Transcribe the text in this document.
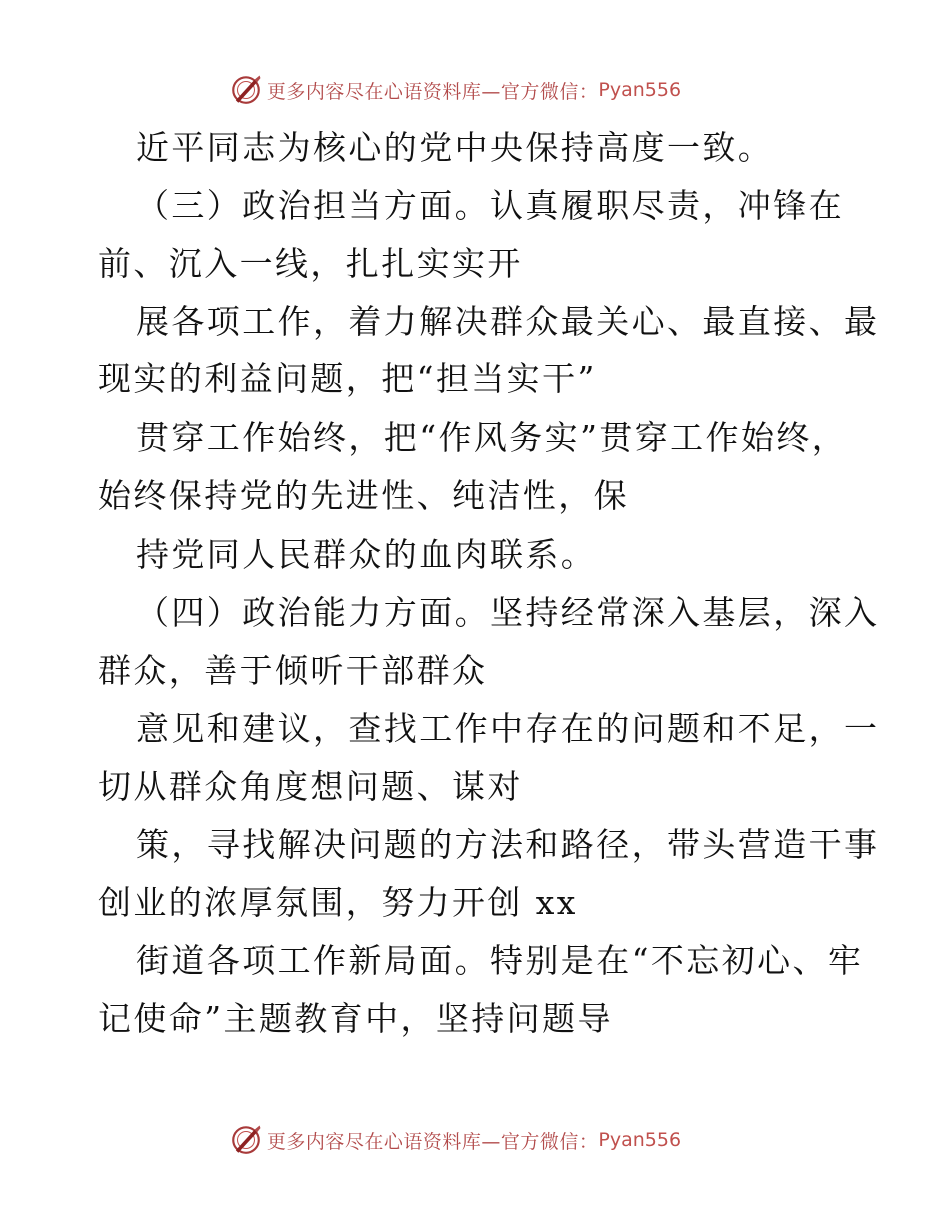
更多内容尽在心语资料库—官方微信： Pyan556
近平同志为核心的党中央保持高度一致。
（三）政治担当方面。认真履职尽责，冲锋在
前、沉入一线，扎扎实实开
展各项工作，着力解决群众最关心、最直接、最
现实的利益问题，把“担当实干”
贯穿工作始终，把“作风务实”贯穿工作始终，
始终保持党的先进性、纯洁性，保
持党同人民群众的血肉联系。
（四）政治能力方面。坚持经常深入基层，深入
群众，善于倾听干部群众
意见和建议，查找工作中存在的问题和不足，一
切从群众角度想问题、谋对
策，寻找解决问题的方法和路径，带头营造干事
创业的浓厚氛围，努力开创 xx
街道各项工作新局面。特别是在“不忘初心、牢
记使命”主题教育中，坚持问题导
更多内容尽在心语资料库—官方微信： Pyan556
